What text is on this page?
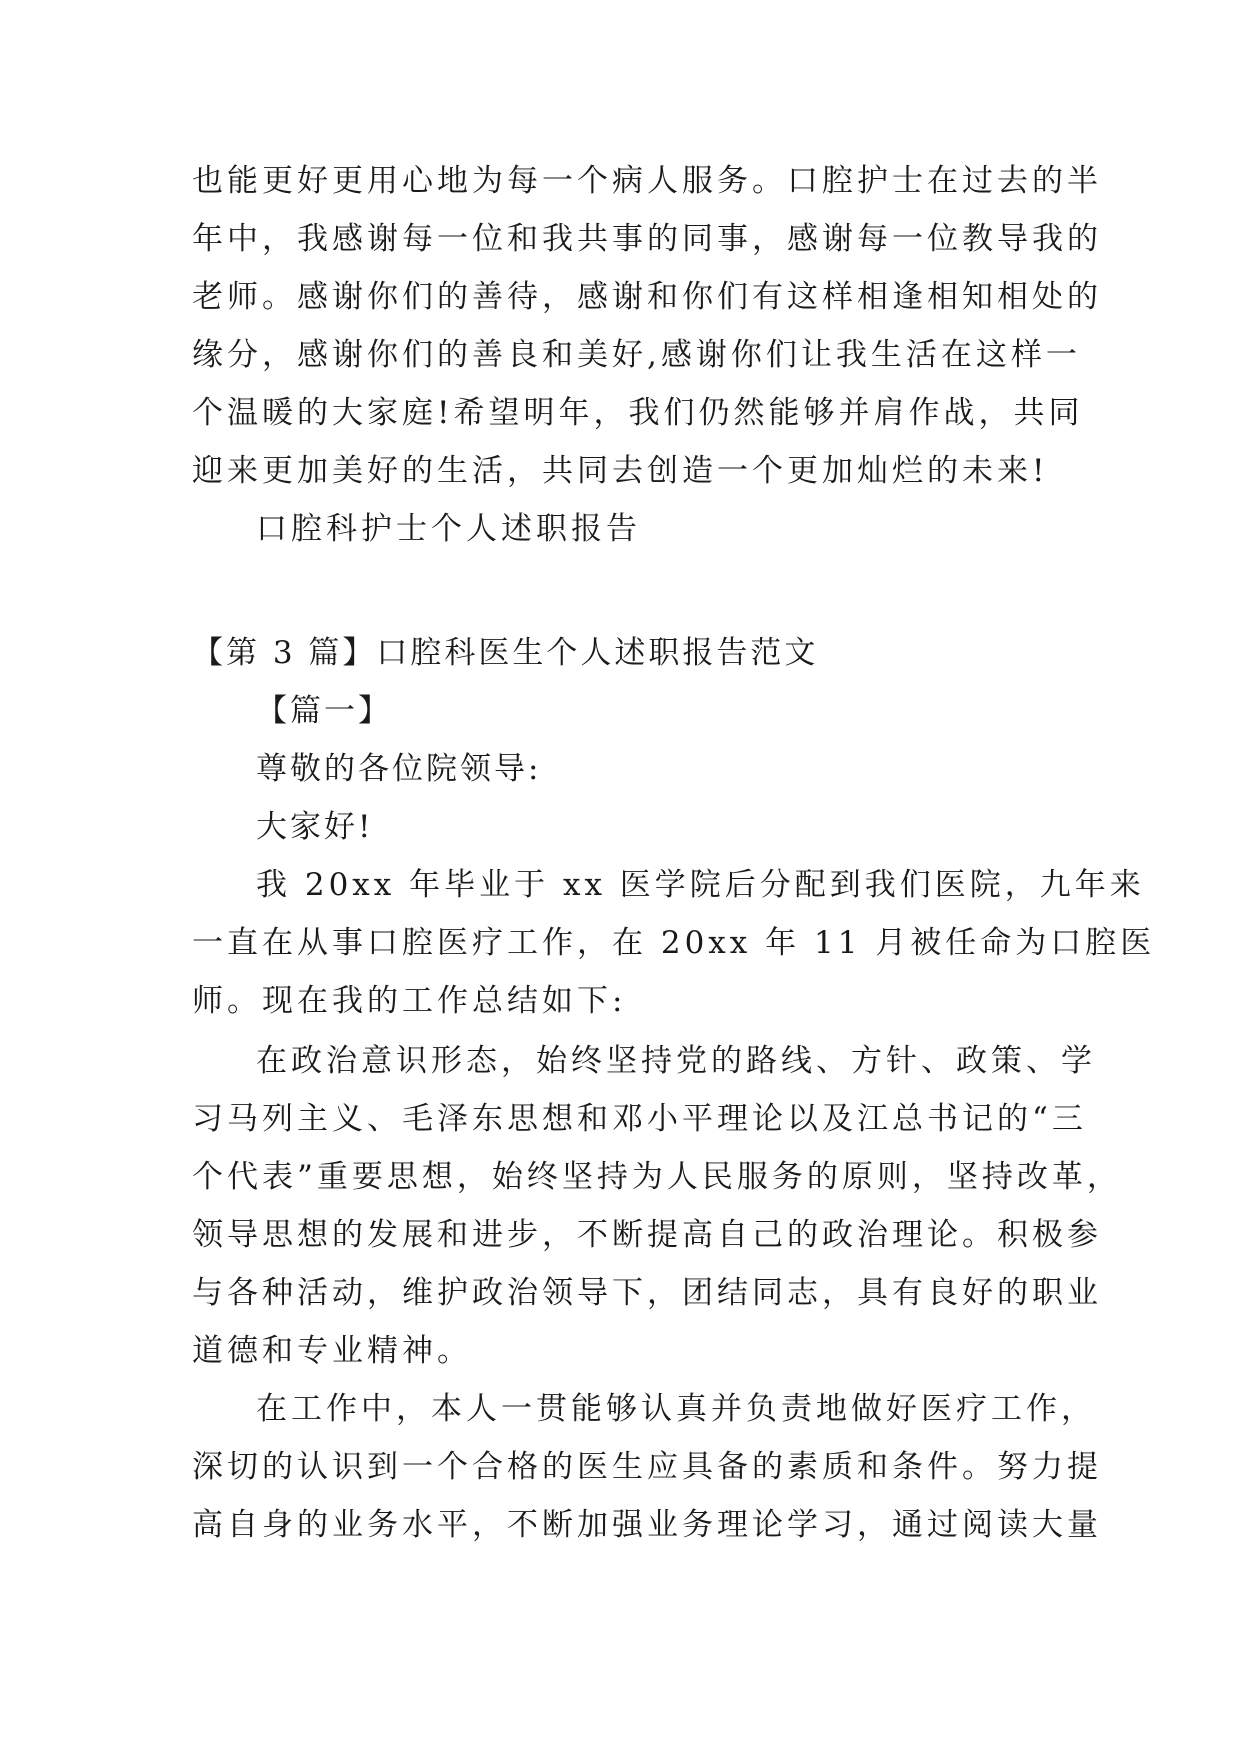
也能更好更用心地为每一个病人服务。口腔护士在过去的半
年中，我感谢每一位和我共事的同事，感谢每一位教导我的
老师。感谢你们的善待，感谢和你们有这样相逢相知相处的
缘分，感谢你们的善良和美好,感谢你们让我生活在这样一
个温暖的大家庭!希望明年，我们仍然能够并肩作战，共同
迎来更加美好的生活，共同去创造一个更加灿烂的未来!
口腔科护士个人述职报告
【第 3 篇】口腔科医生个人述职报告范文
【篇一】
尊敬的各位院领导:
大家好!
我 20xx 年毕业于 xx 医学院后分配到我们医院，九年来
一直在从事口腔医疗工作，在 20xx 年 11 月被任命为口腔医
师。现在我的工作总结如下:
在政治意识形态，始终坚持党的路线、方针、政策、学
习马列主义、毛泽东思想和邓小平理论以及江总书记的“三
个代表”重要思想，始终坚持为人民服务的原则，坚持改革，
领导思想的发展和进步，不断提高自己的政治理论。积极参
与各种活动，维护政治领导下，团结同志，具有良好的职业
道德和专业精神。
在工作中，本人一贯能够认真并负责地做好医疗工作，
深切的认识到一个合格的医生应具备的素质和条件。努力提
高自身的业务水平，不断加强业务理论学习，通过阅读大量
